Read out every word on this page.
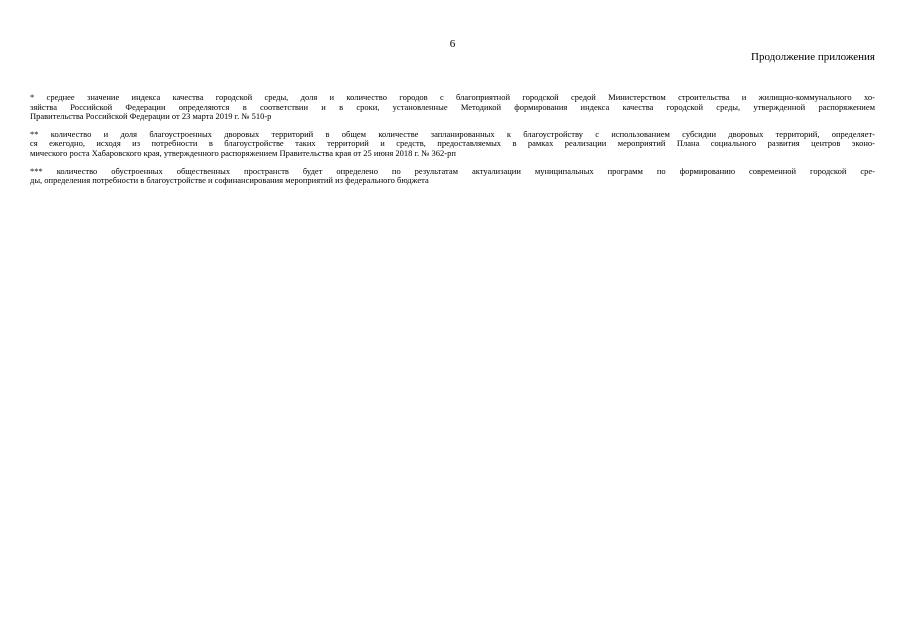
6
Продолжение приложения

* среднее значение индекса качества городской среды, доля и количество городов с благоприятной городской средой Министерством строительства и жилищно-коммунального хо-
зяйства Российской Федерации определяются в соответствии и в сроки, установленные Методикой формирования индекса качества городской среды, утвержденной распоряжением
Правительства Российской Федерации от 23 марта 2019 г. № 510-р

** количество и доля благоустроенных дворовых территорий в общем количестве запланированных к благоустройству с использованием субсидии дворовых территорий, определяет-
ся ежегодно, исходя из потребности в благоустройстве таких территорий и средств, предоставляемых в рамках реализации мероприятий Плана социального развития центров эконо-
мического роста Хабаровского края, утвержденного распоряжением Правительства края от 25 июня 2018 г. № 362-рп

*** количество обустроенных общественных пространств будет определено по результатам актуализации муниципальных программ по формированию современной городской сре-
ды, определения потребности в благоустройстве и софинансирования мероприятий из федерального бюджета
